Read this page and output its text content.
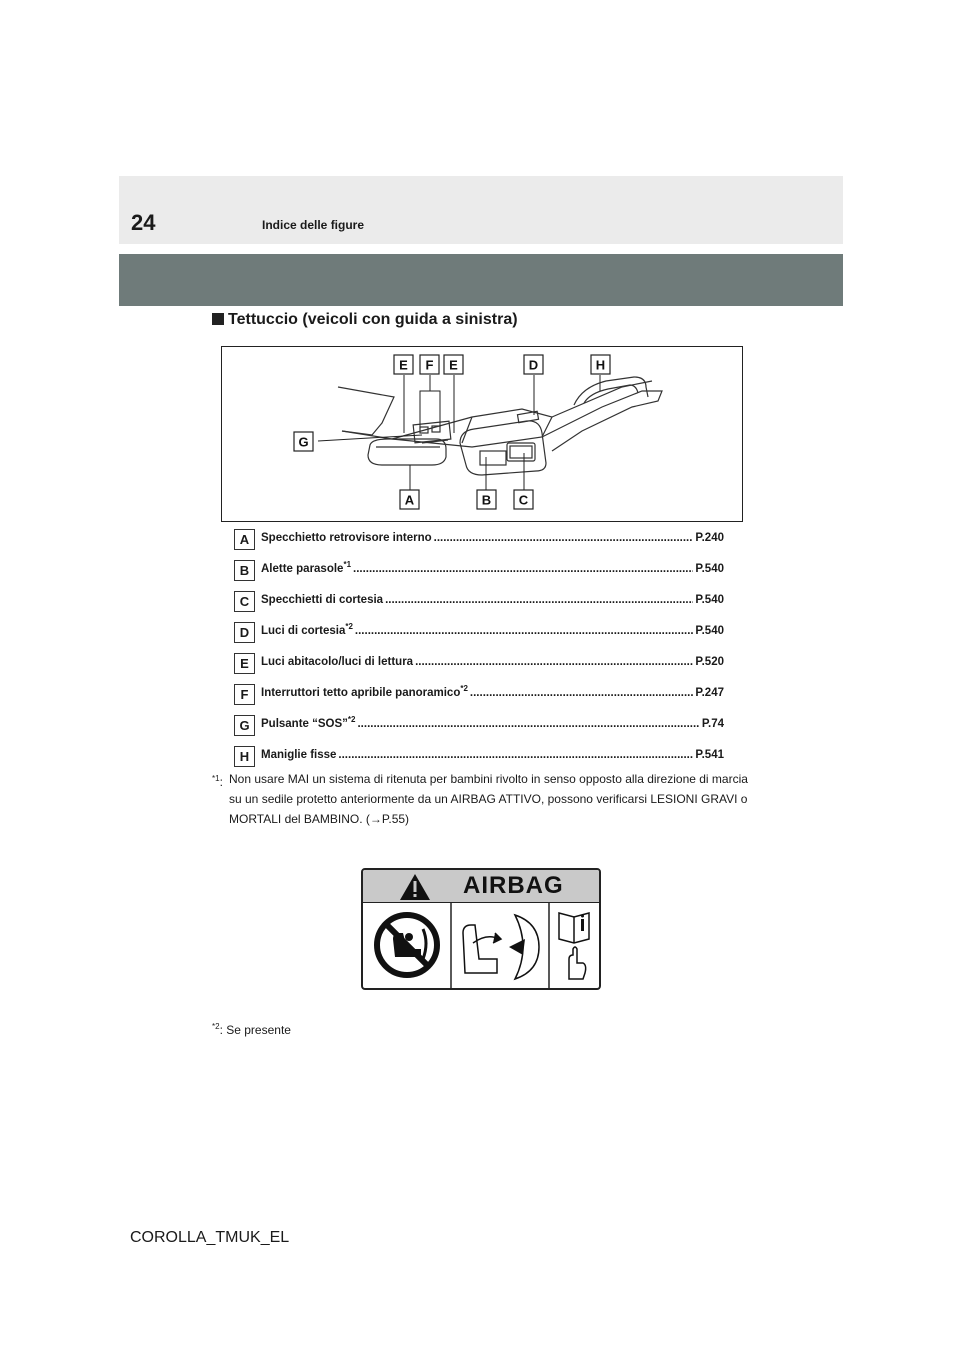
24	Indice delle figure
Tettuccio (veicoli con guida a sinistra)
E F E	D	H
G
A	B C
A	Specchietto retrovisore interno .....	P.240
B	Alette parasole$^{*1}$ .....	P.540
C	Specchietti di cortesia .....	P.540
D	Luci di cortesia$^{*2}$ .....	P.540
E	Luci abitacolo/luci di lettura .....	P.520
F	Interruttori tetto apribile panoramico$^{*2}$ .....	P.247
G Pulsante “SOS”$^{*2}$ .....	P.74
H	Maniglie fisse .....	P.541
$^{*1}$: Non usare MAI un sistema di ritenuta per bambini rivolto in senso opposto alla direzione di marcia su un sedile protetto anteriormente da un AIRBAG ATTIVO, possono verificarsi LESIONI GRAVI o MORTALI del BAMBINO. (→P.55)
AIRBAG
$^{*2}$: Se presente
COROLLA_TMUK_EL
